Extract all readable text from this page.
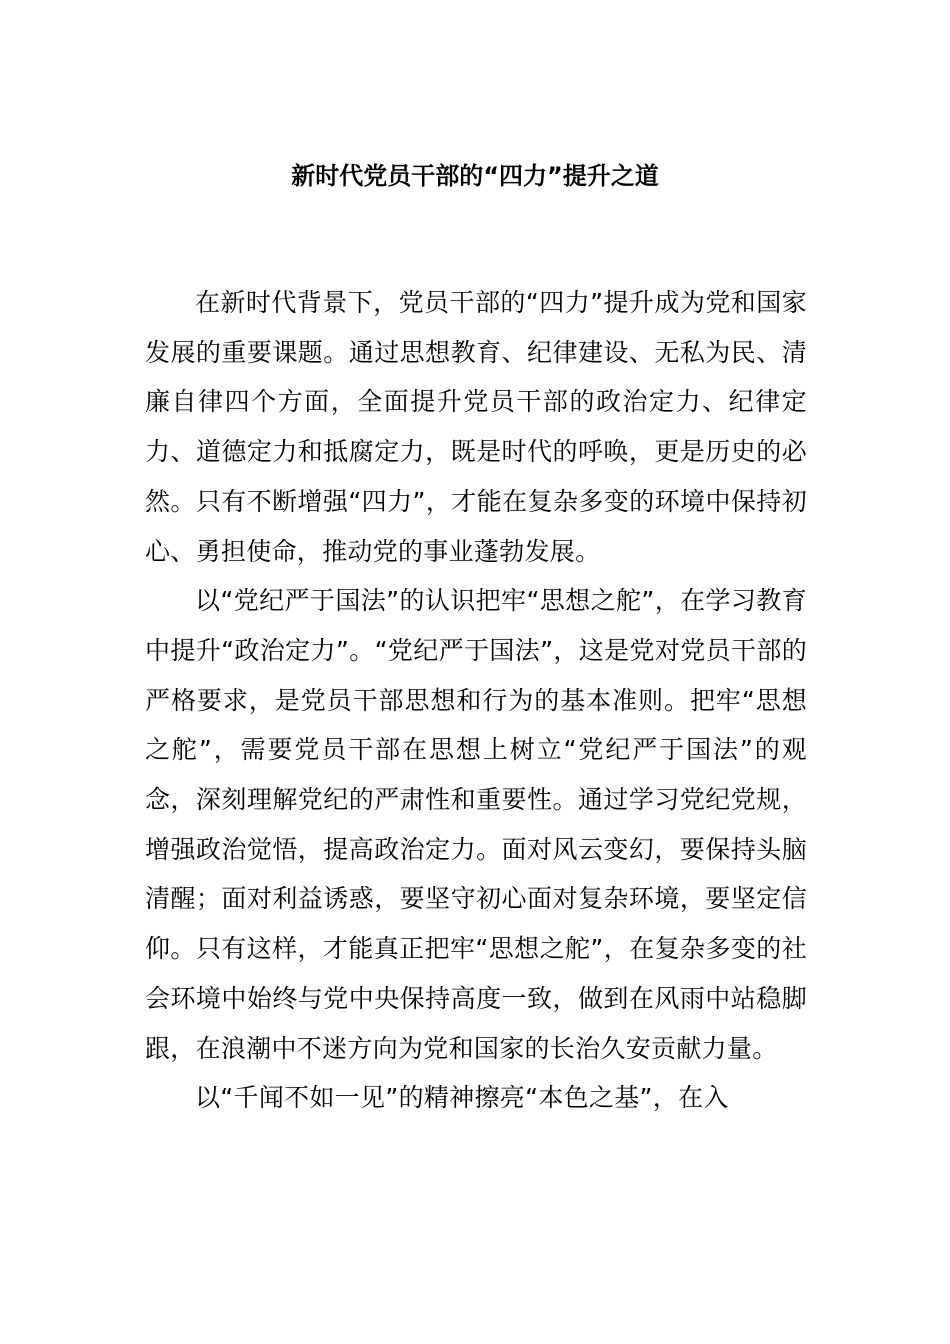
新时代党员干部的“四力”提升之道

在新时代背景下，党员干部的“四力”提升成为党和国家发展的重要课题。通过思想教育、纪律建设、无私为民、清廉自律四个方面，全面提升党员干部的政治定力、纪律定力、道德定力和抵腐定力，既是时代的呼唤，更是历史的必然。只有不断增强“四力”，才能在复杂多变的环境中保持初心、勇担使命，推动党的事业蓬勃发展。

以“党纪严于国法”的认识把牢“思想之舵”，在学习教育中提升“政治定力”。“党纪严于国法”，这是党对党员干部的严格要求，是党员干部思想和行为的基本准则。把牢“思想之舵”，需要党员干部在思想上树立“党纪严于国法”的观念，深刻理解党纪的严肃性和重要性。通过学习党纪党规，增强政治觉悟，提高政治定力。面对风云变幻，要保持头脑清醒；面对利益诱惑，要坚守初心面对复杂环境，要坚定信仰。只有这样，才能真正把牢“思想之舵”，在复杂多变的社会环境中始终与党中央保持高度一致，做到在风雨中站稳脚跟，在浪潮中不迷方向为党和国家的长治久安贡献力量。

以“千闻不如一见”的精神擦亮“本色之基”，在入
